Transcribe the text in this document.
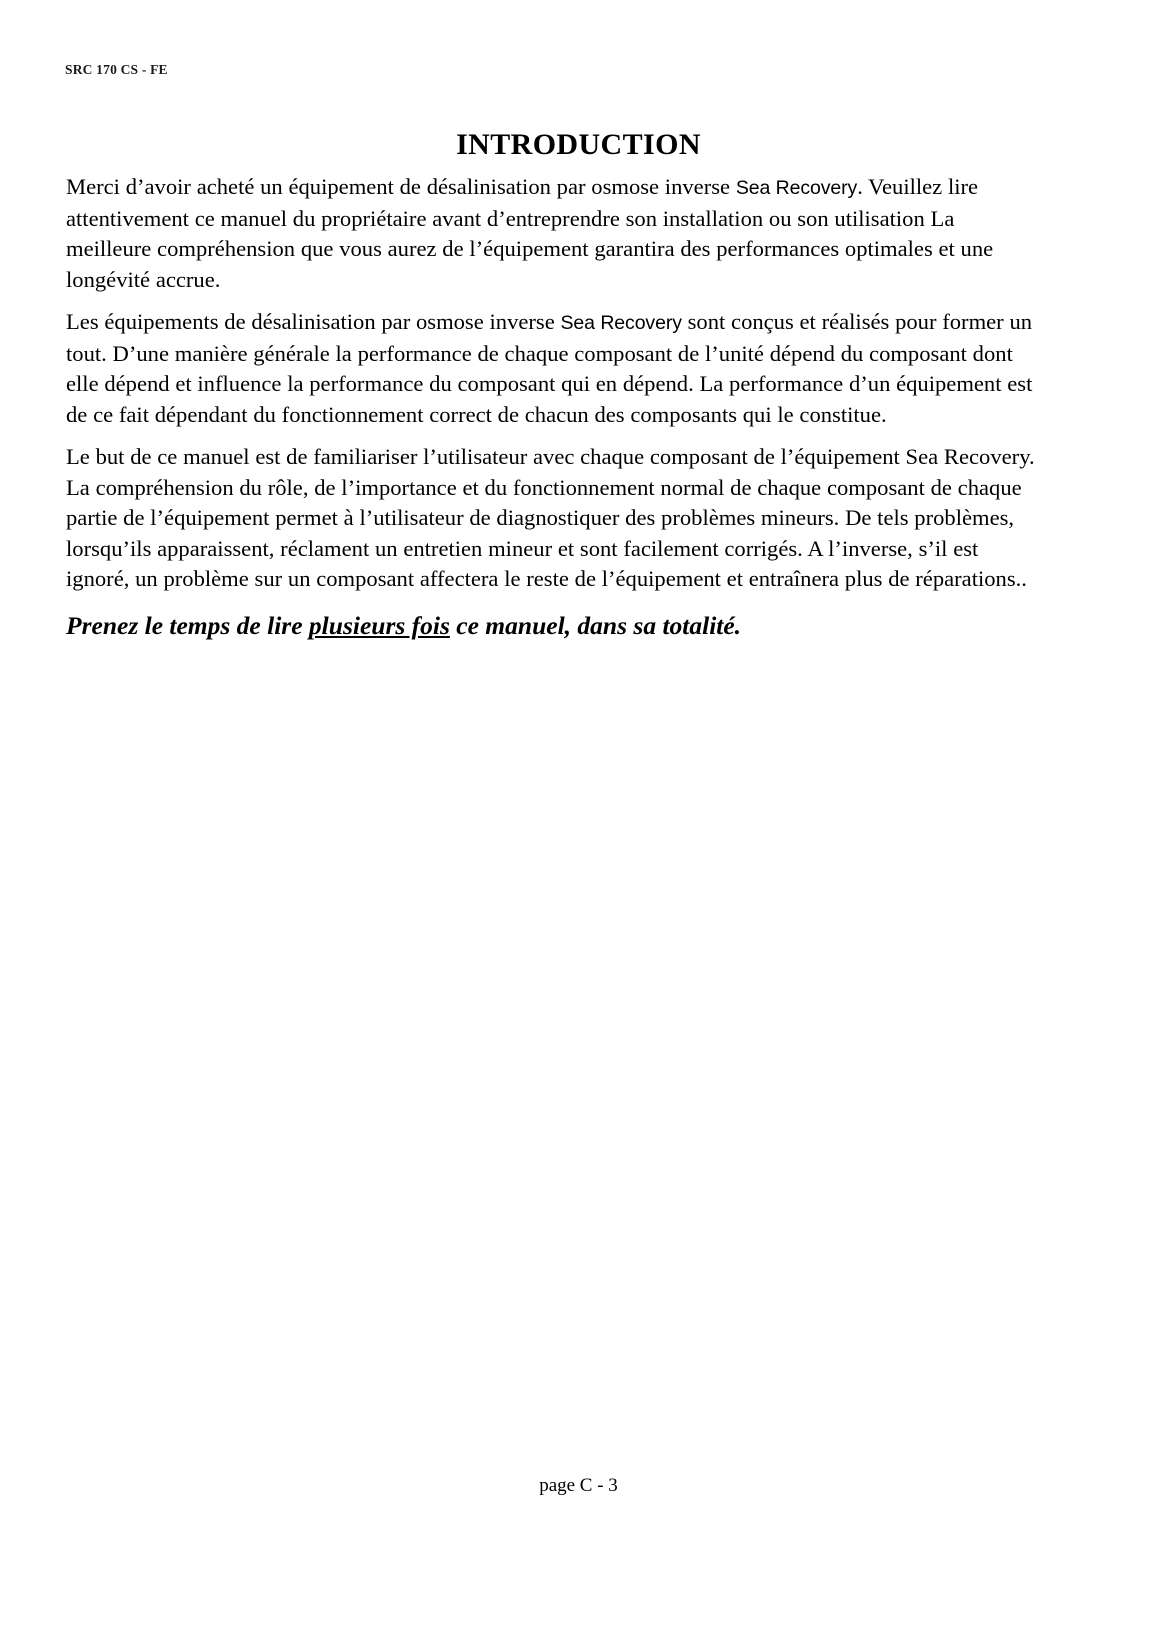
SRC 170 CS - FE
INTRODUCTION

Merci d’avoir acheté un équipement de désalinisation par osmose inverse Sea Recovery. Veuillez lire attentivement ce manuel du propriétaire avant d’entreprendre son installation ou son utilisation La meilleure compréhension que vous aurez de l’équipement garantira des performances optimales et une longévité accrue.

Les équipements de désalinisation par osmose inverse Sea Recovery sont conçus et réalisés pour former un tout. D’une manière générale la performance de chaque composant de l’unité dépend du composant dont elle dépend et influence la performance du composant qui en dépend. La performance d’un équipement est de ce fait dépendant du fonctionnement correct de chacun des composants qui le constitue.

Le but de ce manuel est de familiariser l’utilisateur avec chaque composant de l’équipement Sea Recovery. La compréhension du rôle, de l’importance et du fonctionnement normal de chaque composant de chaque partie de l’équipement permet à l’utilisateur de diagnostiquer des problèmes mineurs. De tels problèmes, lorsqu’ils apparaissent, réclament un entretien mineur et sont facilement corrigés. A l’inverse, s’il est ignoré, un problème sur un composant affectera le reste de l’équipement et entraînera plus de réparations..

Prenez le temps de lire plusieurs fois ce manuel, dans sa totalité.

page C - 3
